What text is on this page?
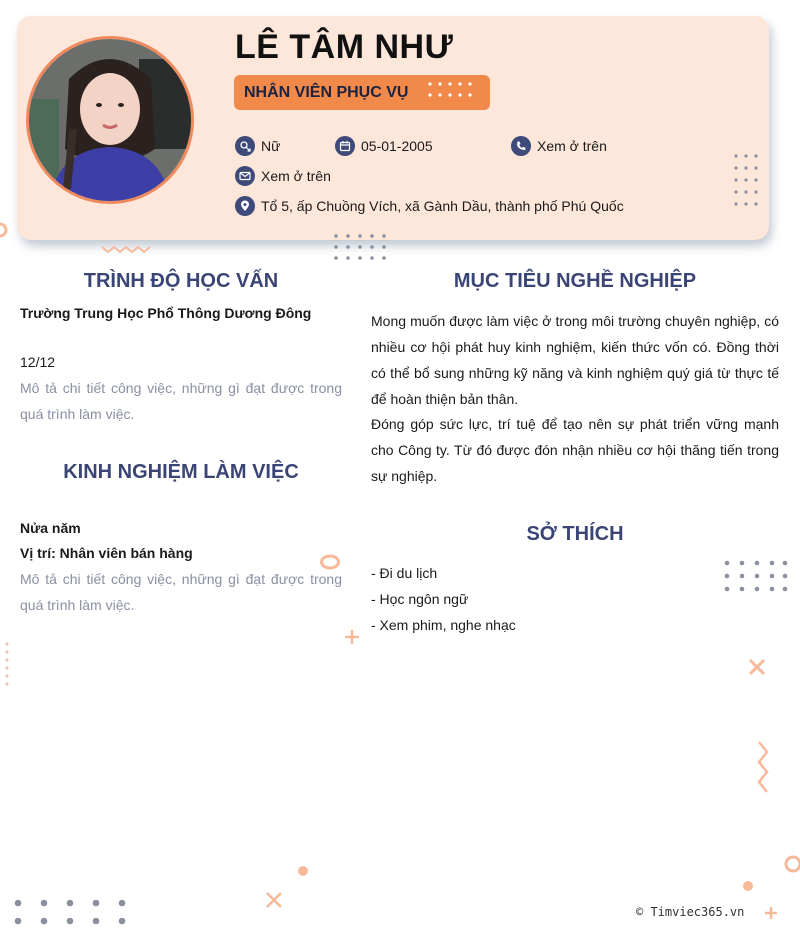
LÊ TÂM NHƯ
NHÂN VIÊN PHỤC VỤ
Nữ	05-01-2005	Xem ở trên
Xem ở trên
Tổ 5, ấp Chuồng Vích, xã Gành Dầu, thành phố Phú Quốc
TRÌNH ĐỘ HỌC VẤN
Trường Trung Học Phổ Thông Dương Đông
12/12
Mô tả chi tiết công việc, những gì đạt được trong quá trình làm việc.
KINH NGHIỆM LÀM VIỆC
Nửa năm
Vị trí: Nhân viên bán hàng
Mô tả chi tiết công việc, những gì đạt được trong quá trình làm việc.
MỤC TIÊU NGHỀ NGHIỆP
Mong muốn được làm việc ở trong môi trường chuyên nghiệp, có nhiều cơ hội phát huy kinh nghiệm, kiến thức vốn có. Đồng thời có thể bổ sung những kỹ năng và kinh nghiệm quý giá từ thực tế để hoàn thiện bản thân.
Đóng góp sức lực, trí tuệ để tạo nên sự phát triển vững mạnh cho Công ty. Từ đó được đón nhận nhiều cơ hội thăng tiến trong sự nghiệp.
SỞ THÍCH
- Đi du lịch
- Học ngôn ngữ
- Xem phim, nghe nhạc
© Timviec365.vn
